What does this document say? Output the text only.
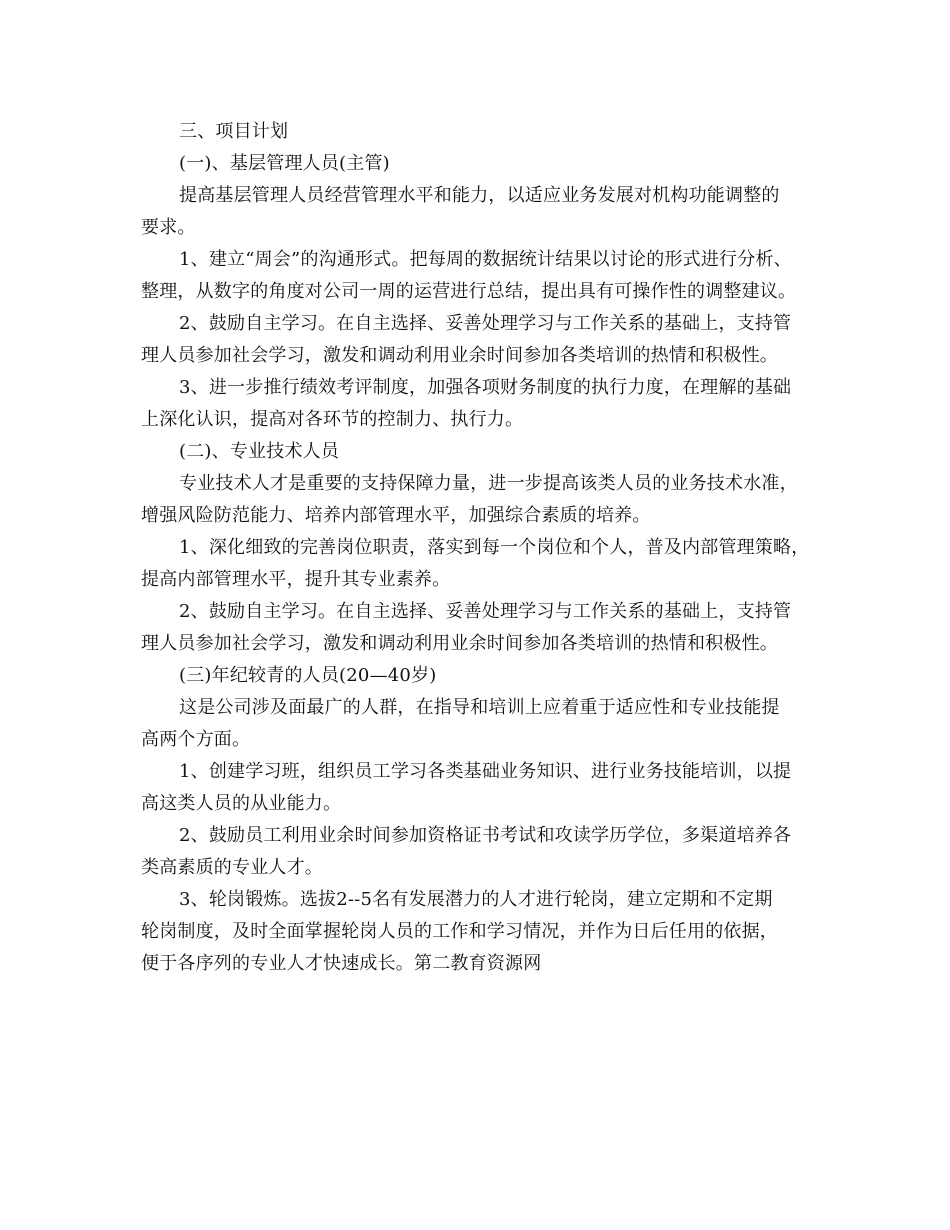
三、项目计划
(一)、基层管理人员(主管)
提高基层管理人员经营管理水平和能力，以适应业务发展对机构功能调整的
要求。
1、建立“周会”的沟通形式。把每周的数据统计结果以讨论的形式进行分析、
整理，从数字的角度对公司一周的运营进行总结，提出具有可操作性的调整建议。
2、鼓励自主学习。在自主选择、妥善处理学习与工作关系的基础上，支持管
理人员参加社会学习，激发和调动利用业余时间参加各类培训的热情和积极性。
3、进一步推行绩效考评制度，加强各项财务制度的执行力度，在理解的基础
上深化认识，提高对各环节的控制力、执行力。
(二)、专业技术人员
专业技术人才是重要的支持保障力量，进一步提高该类人员的业务技术水准，
增强风险防范能力、培养内部管理水平，加强综合素质的培养。
1、深化细致的完善岗位职责，落实到每一个岗位和个人，普及内部管理策略，
提高内部管理水平，提升其专业素养。
2、鼓励自主学习。在自主选择、妥善处理学习与工作关系的基础上，支持管
理人员参加社会学习，激发和调动利用业余时间参加各类培训的热情和积极性。
(三)年纪较青的人员(20—40岁)
这是公司涉及面最广的人群，在指导和培训上应着重于适应性和专业技能提
高两个方面。
1、创建学习班，组织员工学习各类基础业务知识、进行业务技能培训，以提
高这类人员的从业能力。
2、鼓励员工利用业余时间参加资格证书考试和攻读学历学位，多渠道培养各
类高素质的专业人才。
3、轮岗锻炼。选拔2--5名有发展潜力的人才进行轮岗，建立定期和不定期
轮岗制度，及时全面掌握轮岗人员的工作和学习情况，并作为日后任用的依据，
便于各序列的专业人才快速成长。第二教育资源网
